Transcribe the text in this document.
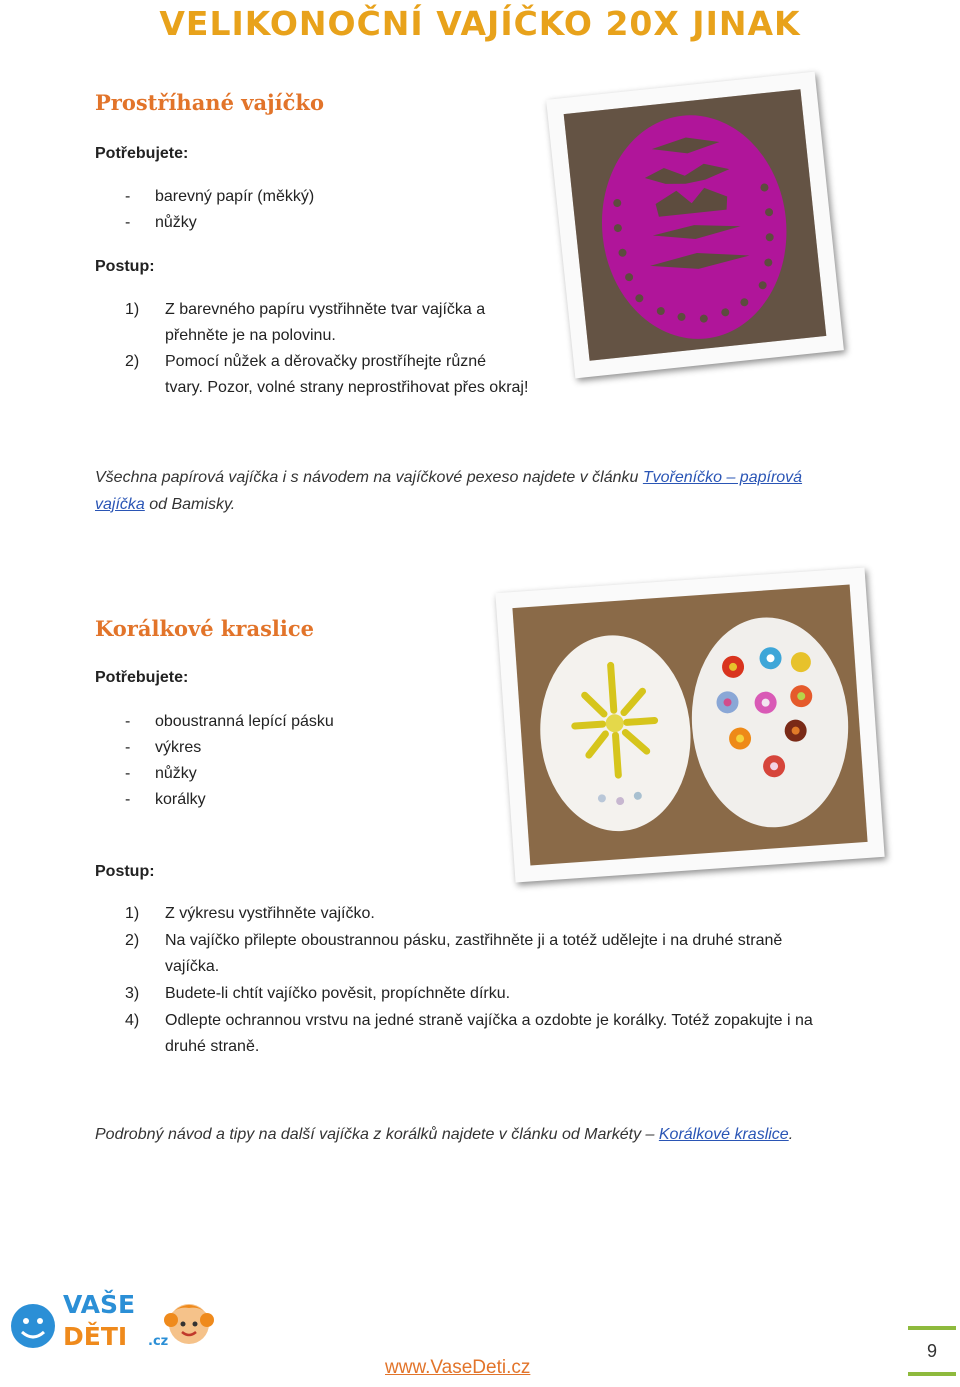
VELIKONOČNÍ VAJÍČKO 20X JINAK
Prostříhané vajíčko
Potřebujete:
- barevný papír (měkký)
- nůžky
Postup:
1) Z barevného papíru vystřihněte tvar vajíčka a
přehněte je na polovinu.
2) Pomocí nůžek a děrovačky prostříhejte různé
tvary. Pozor, volné strany neprostřihovat přes okraj!
Všechna papírová vajíčka i s návodem na vajíčkové pexeso najdete v článku Tvořeníčko – papírová vajíčka od Bamisky.
Korálkové kraslice
Potřebujete:
- oboustranná lepící pásku
- výkres
- nůžky
- korálky
Postup:
1) Z výkresu vystřihněte vajíčko.
2) Na vajíčko přilepte oboustrannou pásku, zastřihněte ji a totéž udělejte i na druhé straně
vajíčka.
3) Budete-li chtít vajíčko pověsit, propíchněte dírku.
4) Odlepte ochrannou vrstvu na jedné straně vajíčka a ozdobte je korálky. Totéž zopakujte i na
druhé straně.
Podrobný návod a tipy na další vajíčka z korálků najdete v článku od Markéty – Korálkové kraslice.
VAŠE
DĚTI .cz	9
www.VaseDeti.cz
